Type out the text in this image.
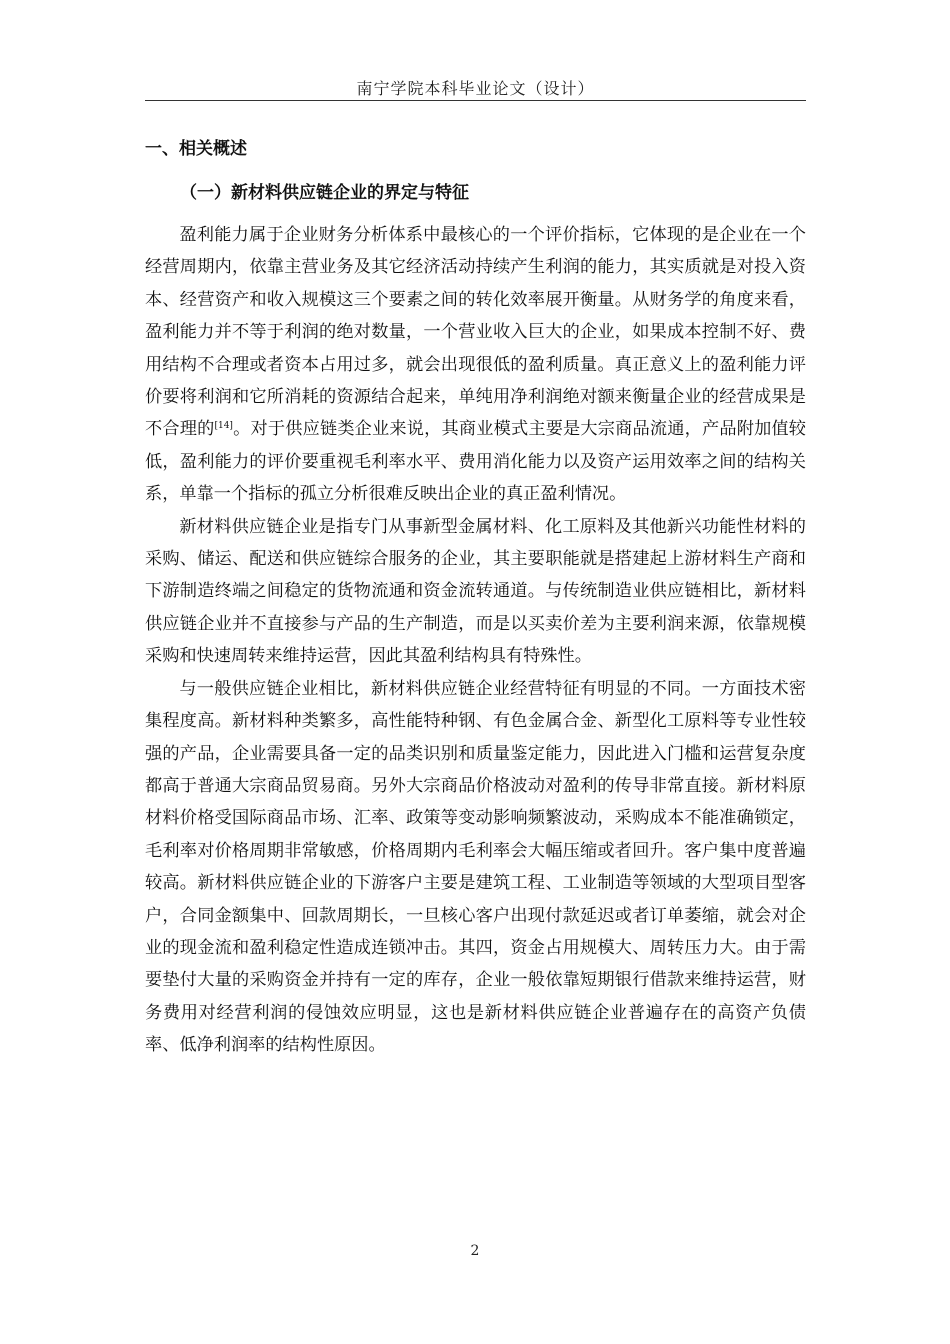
南宁学院本科毕业论文（设计）
一、相关概述
（一）新材料供应链企业的界定与特征

盈利能力属于企业财务分析体系中最核心的一个评价指标，它体现的是企业在一个经营周期内，依靠主营业务及其它经济活动持续产生利润的能力，其实质就是对投入资本、经营资产和收入规模这三个要素之间的转化效率展开衡量。从财务学的角度来看，盈利能力并不等于利润的绝对数量，一个营业收入巨大的企业，如果成本控制不好、费用结构不合理或者资本占用过多，就会出现很低的盈利质量。真正意义上的盈利能力评价要将利润和它所消耗的资源结合起来，单纯用净利润绝对额来衡量企业的经营成果是不合理的[14]。对于供应链类企业来说，其商业模式主要是大宗商品流通，产品附加值较低，盈利能力的评价要重视毛利率水平、费用消化能力以及资产运用效率之间的结构关系，单靠一个指标的孤立分析很难反映出企业的真正盈利情况。

新材料供应链企业是指专门从事新型金属材料、化工原料及其他新兴功能性材料的采购、储运、配送和供应链综合服务的企业，其主要职能就是搭建起上游材料生产商和下游制造终端之间稳定的货物流通和资金流转通道。与传统制造业供应链相比，新材料供应链企业并不直接参与产品的生产制造，而是以买卖价差为主要利润来源，依靠规模采购和快速周转来维持运营，因此其盈利结构具有特殊性。

与一般供应链企业相比，新材料供应链企业经营特征有明显的不同。一方面技术密集程度高。新材料种类繁多，高性能特种钢、有色金属合金、新型化工原料等专业性较强的产品，企业需要具备一定的品类识别和质量鉴定能力，因此进入门槛和运营复杂度都高于普通大宗商品贸易商。另外大宗商品价格波动对盈利的传导非常直接。新材料原材料价格受国际商品市场、汇率、政策等变动影响频繁波动，采购成本不能准确锁定，毛利率对价格周期非常敏感，价格周期内毛利率会大幅压缩或者回升。客户集中度普遍较高。新材料供应链企业的下游客户主要是建筑工程、工业制造等领域的大型项目型客户，合同金额集中、回款周期长，一旦核心客户出现付款延迟或者订单萎缩，就会对企业的现金流和盈利稳定性造成连锁冲击。其四，资金占用规模大、周转压力大。由于需要垫付大量的采购资金并持有一定的库存，企业一般依靠短期银行借款来维持运营，财务费用对经营利润的侵蚀效应明显，这也是新材料供应链企业普遍存在的高资产负债率、低净利润率的结构性原因。

2
